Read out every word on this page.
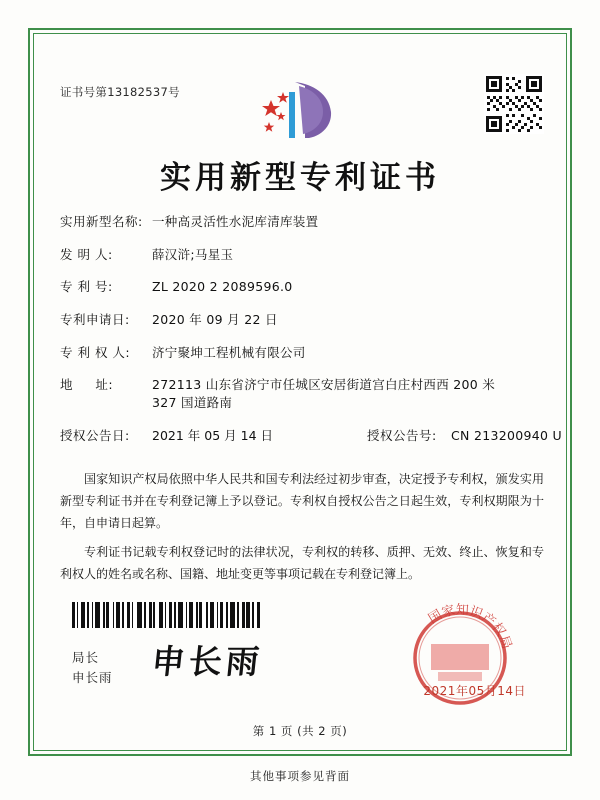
证书号第13182537号
实用新型专利证书
实用新型名称: 一种高灵活性水泥库清库装置
发 明 人:	薛汉浒;马星玉
专 利 号:	ZL 2020 2 2089596.0
专利申请日:	2020 年 09 月 22 日
专 利 权 人:	济宁聚坤工程机械有限公司
地     址:	272113 山东省济宁市任城区安居街道宫白庄村西西 200 米
327 国道路南
授权公告日:	2021 年 05 月 14 日	授权公告号:	CN 213200940 U

国家知识产权局依照中华人民共和国专利法经过初步审查，决定授予专利权，颁发实用新型专利证书并在专利登记簿上予以登记。专利权自授权公告之日起生效，专利权期限为十年，自申请日起算。

专利证书记载专利权登记时的法律状况，专利权的转移、质押、无效、终止、恢复和专利权人的姓名或名称、国籍、地址变更等事项记载在专利登记簿上。

局长
申长雨 申长雨
国家知识产权局
2021年05月14日
第 1 页 (共 2 页)
其他事项参见背面
